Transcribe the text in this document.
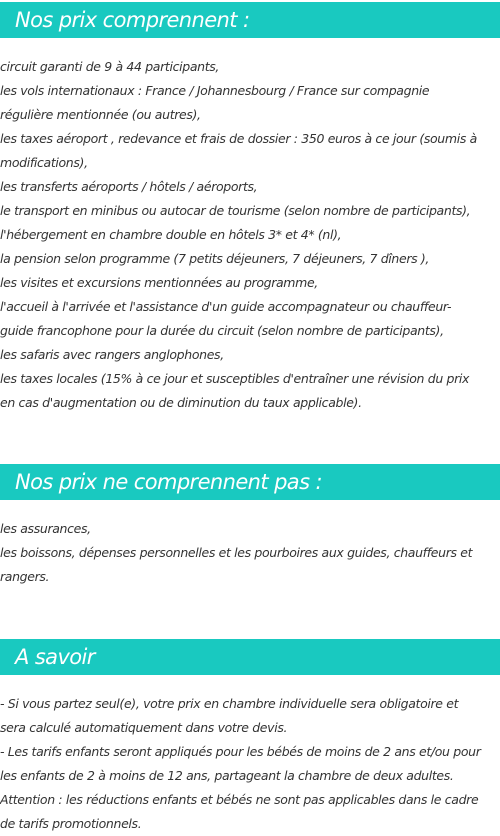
Nos prix comprennent :
circuit garanti de 9 à 44 participants,
les vols internationaux : France / Johannesbourg / France sur compagnie
régulière mentionnée (ou autres),
les taxes aéroport , redevance et frais de dossier : 350 euros à ce jour (soumis à
modifications),
les transferts aéroports / hôtels / aéroports,
le transport en minibus ou autocar de tourisme (selon nombre de participants),
l'hébergement en chambre double en hôtels 3* et 4* (nl),
la pension selon programme (7 petits déjeuners, 7 déjeuners, 7 dîners ),
les visites et excursions mentionnées au programme,
l'accueil à l'arrivée et l'assistance d'un guide accompagnateur ou chauffeur-
guide francophone pour la durée du circuit (selon nombre de participants),
les safaris avec rangers anglophones,
les taxes locales (15% à ce jour et susceptibles d'entraîner une révision du prix
en cas d'augmentation ou de diminution du taux applicable).
Nos prix ne comprennent pas :
les assurances,
les boissons, dépenses personnelles et les pourboires aux guides, chauffeurs et
rangers.
A savoir
- Si vous partez seul(e), votre prix en chambre individuelle sera obligatoire et
sera calculé automatiquement dans votre devis.
- Les tarifs enfants seront appliqués pour les bébés de moins de 2 ans et/ou pour
les enfants de 2 à moins de 12 ans, partageant la chambre de deux adultes.
Attention : les réductions enfants et bébés ne sont pas applicables dans le cadre
de tarifs promotionnels.
